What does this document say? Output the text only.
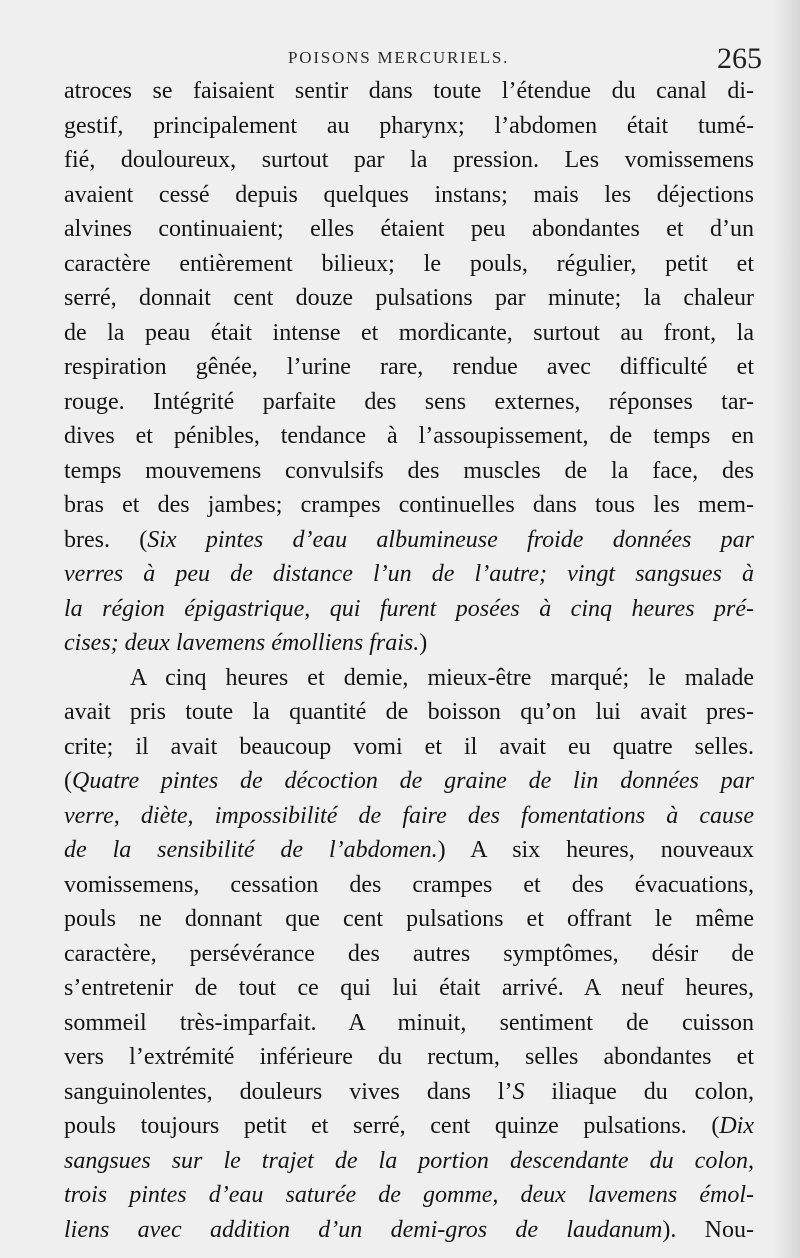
POISONS MERCURIELS.	265
atroces se faisaient sentir dans toute l’étendue du canal di-
gestif, principalement au pharynx; l’abdomen était tumé-
fié, douloureux, surtout par la pression. Les vomissemens
avaient cessé depuis quelques instans; mais les déjections
alvines continuaient; elles étaient peu abondantes et d’un
caractère entièrement bilieux; le pouls, régulier, petit et
serré, donnait cent douze pulsations par minute; la chaleur
de la peau était intense et mordicante, surtout au front, la
respiration gênée, l’urine rare, rendue avec difficulté et
rouge. Intégrité parfaite des sens externes, réponses tar-
dives et pénibles, tendance à l’assoupissement, de temps en
temps mouvemens convulsifs des muscles de la face, des
bras et des jambes; crampes continuelles dans tous les mem-
bres. (Six pintes d’eau albumineuse froide données par
verres à peu de distance l’un de l’autre; vingt sangsues à
la région épigastrique, qui furent posées à cinq heures pré-
cises; deux lavemens émolliens frais.)
A cinq heures et demie, mieux-être marqué; le malade
avait pris toute la quantité de boisson qu’on lui avait pres-
crite; il avait beaucoup vomi et il avait eu quatre selles.
(Quatre pintes de décoction de graine de lin données par
verre, diète, impossibilité de faire des fomentations à cause
de la sensibilité de l’abdomen.) A six heures, nouveaux
vomissemens, cessation des crampes et des évacuations,
pouls ne donnant que cent pulsations et offrant le même
caractère, persévérance des autres symptômes, désir de
s’entretenir de tout ce qui lui était arrivé. A neuf heures,
sommeil très-imparfait. A minuit, sentiment de cuisson
vers l’extrémité inférieure du rectum, selles abondantes et
sanguinolentes, douleurs vives dans l’S iliaque du colon,
pouls toujours petit et serré, cent quinze pulsations. (Dix
sangsues sur le trajet de la portion descendante du colon,
trois pintes d’eau saturée de gomme, deux lavemens émol-
liens avec addition d’un demi-gros de laudanum). Nou-
